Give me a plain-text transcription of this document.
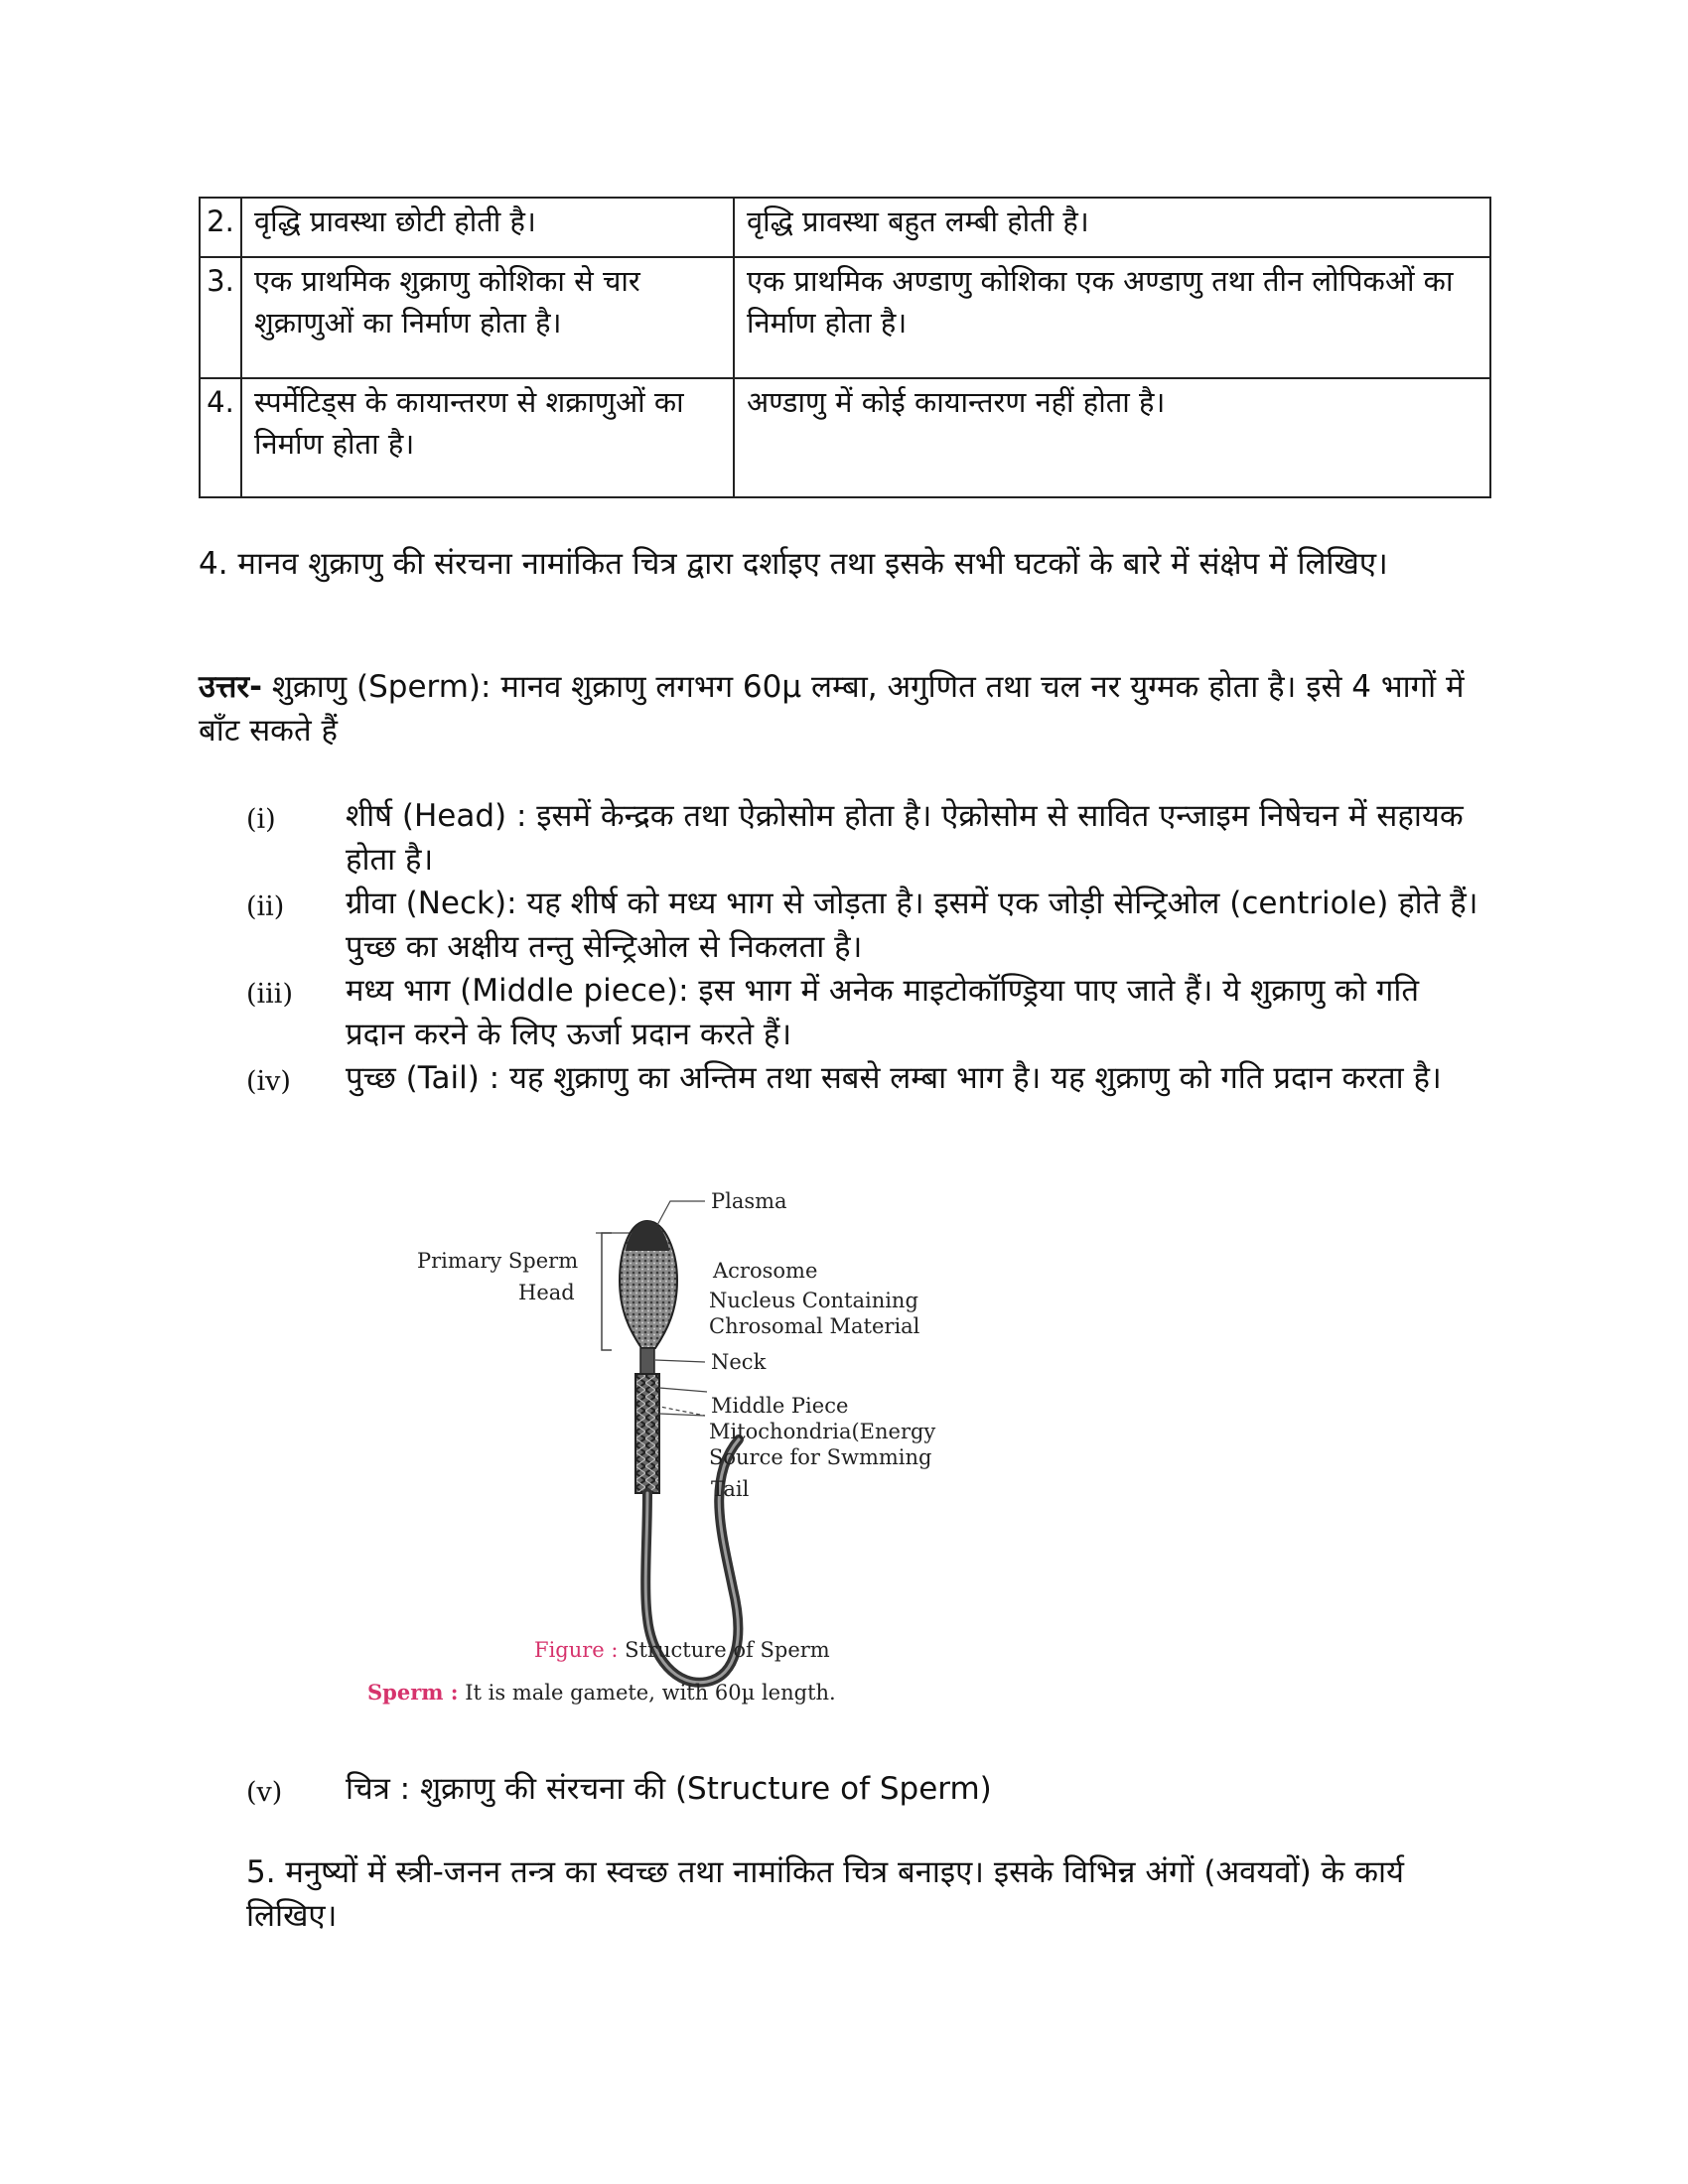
2.	वृद्धि प्रावस्था छोटी होती है।	वृद्धि प्रावस्था बहुत लम्बी होती है।
3.	एक प्राथमिक शुक्राणु कोशिका से चार शुक्राणुओं का निर्माण होता है।	एक प्राथमिक अण्डाणु कोशिका एक अण्डाणु तथा तीन लोपिकओं का निर्माण होता है।
4.	स्पर्मेटिड्स के कायान्तरण से शक्राणुओं का निर्माण होता है।	अण्डाणु में कोई कायान्तरण नहीं होता है।
4. मानव शुक्राणु की संरचना नामांकित चित्र द्वारा दर्शाइए तथा इसके सभी घटकों के बारे में संक्षेप में लिखिए।
उत्तर- शुक्राणु (Sperm): मानव शुक्राणु लगभग 60µ लम्बा, अगुणित तथा चल नर युग्मक होता है। इसे 4 भागों में बाँट सकते हैं
(i)	शीर्ष (Head) : इसमें केन्द्रक तथा ऐक्रोसोम होता है। ऐक्रोसोम से सावित एन्जाइम निषेचन में सहायक होता है।
(ii)	ग्रीवा (Neck): यह शीर्ष को मध्य भाग से जोड़ता है। इसमें एक जोड़ी सेन्ट्रिओल (centriole) होते हैं। पुच्छ का अक्षीय तन्तु सेन्ट्रिओल से निकलता है।
(iii)	मध्य भाग (Middle piece): इस भाग में अनेक माइटोकॉण्ड्रिया पाए जाते हैं। ये शुक्राणु को गति प्रदान करने के लिए ऊर्जा प्रदान करते हैं।
(iv)	पुच्छ (Tail) : यह शुक्राणु का अन्तिम तथा सबसे लम्बा भाग है। यह शुक्राणु को गति प्रदान करता है।
Primary Sperm
Head
Plasma
Acrosome
Nucleus Containing
Chrosomal Material
Neck
Middle Piece
Mitochondria(Energy
Source for Swmming
Tail
Figure : Structure of Sperm
Sperm : It is male gamete, with 60µ length.
(v)	चित्र : शुक्राणु की संरचना की (Structure of Sperm)
5. मनुष्यों में स्त्री-जनन तन्त्र का स्वच्छ तथा नामांकित चित्र बनाइए। इसके विभिन्न अंगों (अवयवों) के कार्य लिखिए।
